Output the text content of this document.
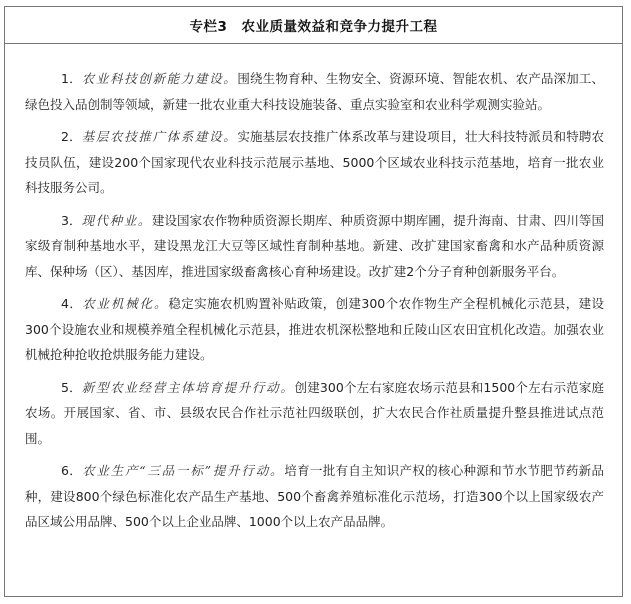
专栏3　农业质量效益和竞争力提升工程

1．农业科技创新能力建设。围绕生物育种、生物安全、资源环境、智能农机、农产品深加工、绿色投入品创制等领域，新建一批农业重大科技设施装备、重点实验室和农业科学观测实验站。

2．基层农技推广体系建设。实施基层农技推广体系改革与建设项目，壮大科技特派员和特聘农技员队伍，建设200个国家现代农业科技示范展示基地、5000个区域农业科技示范基地，培育一批农业科技服务公司。

3．现代种业。建设国家农作物种质资源长期库、种质资源中期库圃，提升海南、甘肃、四川等国家级育制种基地水平，建设黑龙江大豆等区域性育制种基地。新建、改扩建国家畜禽和水产品种质资源库、保种场（区）、基因库，推进国家级畜禽核心育种场建设。改扩建2个分子育种创新服务平台。

4．农业机械化。稳定实施农机购置补贴政策，创建300个农作物生产全程机械化示范县，建设300个设施农业和规模养殖全程机械化示范县，推进农机深松整地和丘陵山区农田宜机化改造。加强农业机械抢种抢收抢烘服务能力建设。

5．新型农业经营主体培育提升行动。创建300个左右家庭农场示范县和1500个左右示范家庭农场。开展国家、省、市、县级农民合作社示范社四级联创，扩大农民合作社质量提升整县推进试点范围。

6．农业生产“三品一标”提升行动。培育一批有自主知识产权的核心种源和节水节肥节药新品种，建设800个绿色标准化农产品生产基地、500个畜禽养殖标准化示范场，打造300个以上国家级农产品区域公用品牌、500个以上企业品牌、1000个以上农产品品牌。
